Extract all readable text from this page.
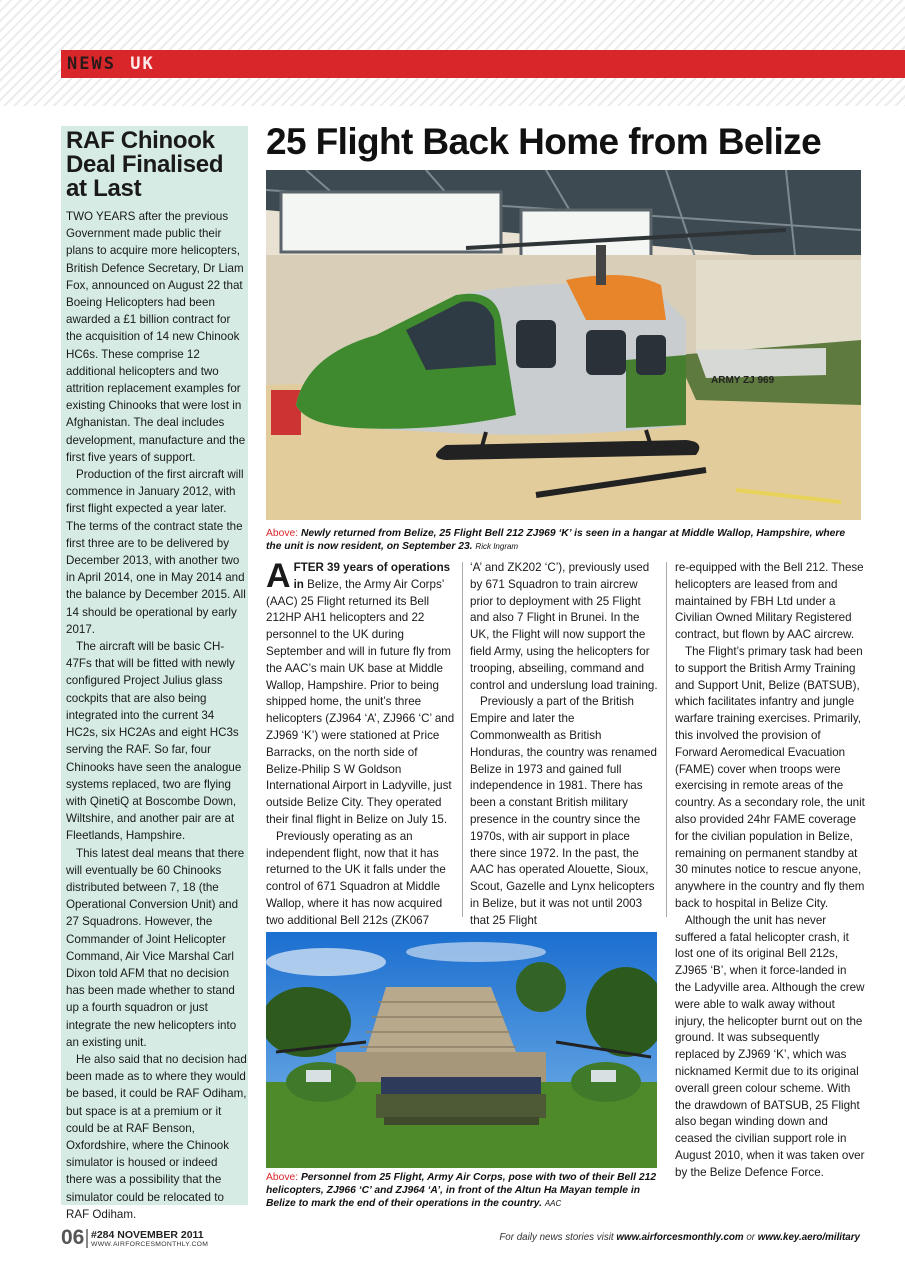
NEWS UK
RAF Chinook Deal Finalised at Last

TWO YEARS after the previous Government made public their plans to acquire more helicopters, British Defence Secretary, Dr Liam Fox, announced on August 22 that Boeing Helicopters had been awarded a £1 billion contract for the acquisition of 14 new Chinook HC6s. These comprise 12 additional helicopters and two attrition replacement examples for existing Chinooks that were lost in Afghanistan. The deal includes development, manufacture and the first five years of support.

Production of the first aircraft will commence in January 2012, with first flight expected a year later.

The terms of the contract state the first three are to be delivered by December 2013, with another two in April 2014, one in May 2014 and the balance by December 2015. All 14 should be operational by early 2017.

The aircraft will be basic CH-47Fs that will be fitted with newly configured Project Julius glass cockpits that are also being integrated into the current 34 HC2s, six HC2As and eight HC3s serving the RAF. So far, four Chinooks have seen the analogue systems replaced, two are flying with QinetiQ at Boscombe Down, Wiltshire, and another pair are at Fleetlands, Hampshire.

This latest deal means that there will eventually be 60 Chinooks distributed between 7, 18 (the Operational Conversion Unit) and 27 Squadrons. However, the Commander of Joint Helicopter Command, Air Vice Marshal Carl Dixon told AFM that no decision has been made whether to stand up a fourth squadron or just integrate the new helicopters into an existing unit.

He also said that no decision had been made as to where they would be based, it could be RAF Odiham, but space is at a premium or it could be at RAF Benson, Oxfordshire, where the Chinook simulator is housed or indeed there was a possibility that the simulator could be relocated to RAF Odiham.

25 Flight Back Home from Belize
ARMY ZJ 969
Above: Newly returned from Belize, 25 Flight Bell 212 ZJ969 ‘K’ is seen in a hangar at Middle Wallop, Hampshire, where the unit is now resident, on September 23. Rick Ingram

AFTER 39 years of operations in Belize, the Army Air Corps’ (AAC) 25 Flight returned its Bell 212HP AH1 helicopters and 22 personnel to the UK during September and will in future fly from the AAC’s main UK base at Middle Wallop, Hampshire. Prior to being shipped home, the unit’s three helicopters (ZJ964 ‘A’, ZJ966 ‘C’ and ZJ969 ‘K’) were stationed at Price Barracks, on the north side of Belize-Philip S W Goldson International Airport in Ladyville, just outside Belize City. They operated their final flight in Belize on July 15.

Previously operating as an independent flight, now that it has returned to the UK it falls under the control of 671 Squadron at Middle Wallop, where it has now acquired two additional Bell 212s (ZK067

‘A’ and ZK202 ‘C’), previously used by 671 Squadron to train aircrew prior to deployment with 25 Flight and also 7 Flight in Brunei. In the UK, the Flight will now support the field Army, using the helicopters for trooping, abseiling, command and control and underslung load training.

Previously a part of the British Empire and later the Commonwealth as British Honduras, the country was renamed Belize in 1973 and gained full independence in 1981. There has been a constant British military presence in the country since the 1970s, with air support in place there since 1972. In the past, the AAC has operated Alouette, Sioux, Scout, Gazelle and Lynx helicopters in Belize, but it was not until 2003 that 25 Flight

re-equipped with the Bell 212. These helicopters are leased from and maintained by FBH Ltd under a Civilian Owned Military Registered contract, but flown by AAC aircrew.

The Flight’s primary task had been to support the British Army Training and Support Unit, Belize (BATSUB), which facilitates infantry and jungle warfare training exercises. Primarily, this involved the provision of Forward Aeromedical Evacuation (FAME) cover when troops were exercising in remote areas of the country. As a secondary role, the unit also provided 24hr FAME coverage for the civilian population in Belize, remaining on permanent standby at 30 minutes notice to rescue anyone, anywhere in the country and fly them back to hospital in Belize City.

Although the unit has never suffered a fatal helicopter crash, it lost one of its original Bell 212s, ZJ965 ‘B’, when it force-landed in the Ladyville area. Although the crew were able to walk away without injury, the helicopter burnt out on the ground. It was subsequently replaced by ZJ969 ‘K’, which was nicknamed Kermit due to its original overall green colour scheme. With the drawdown of BATSUB, 25 Flight also began winding down and ceased the civilian support role in August 2010, when it was taken over by the Belize Defence Force.

Above: Personnel from 25 Flight, Army Air Corps, pose with two of their Bell 212 helicopters, ZJ966 ‘C’ and ZJ964 ‘A’, in front of the Altun Ha Mayan temple in Belize to mark the end of their operations in the country. AAC
06 #284 NOVEMBER 2011
WWW.AIRFORCESMONTHLY.COM
For daily news stories visit www.airforcesmonthly.com or www.key.aero/military
